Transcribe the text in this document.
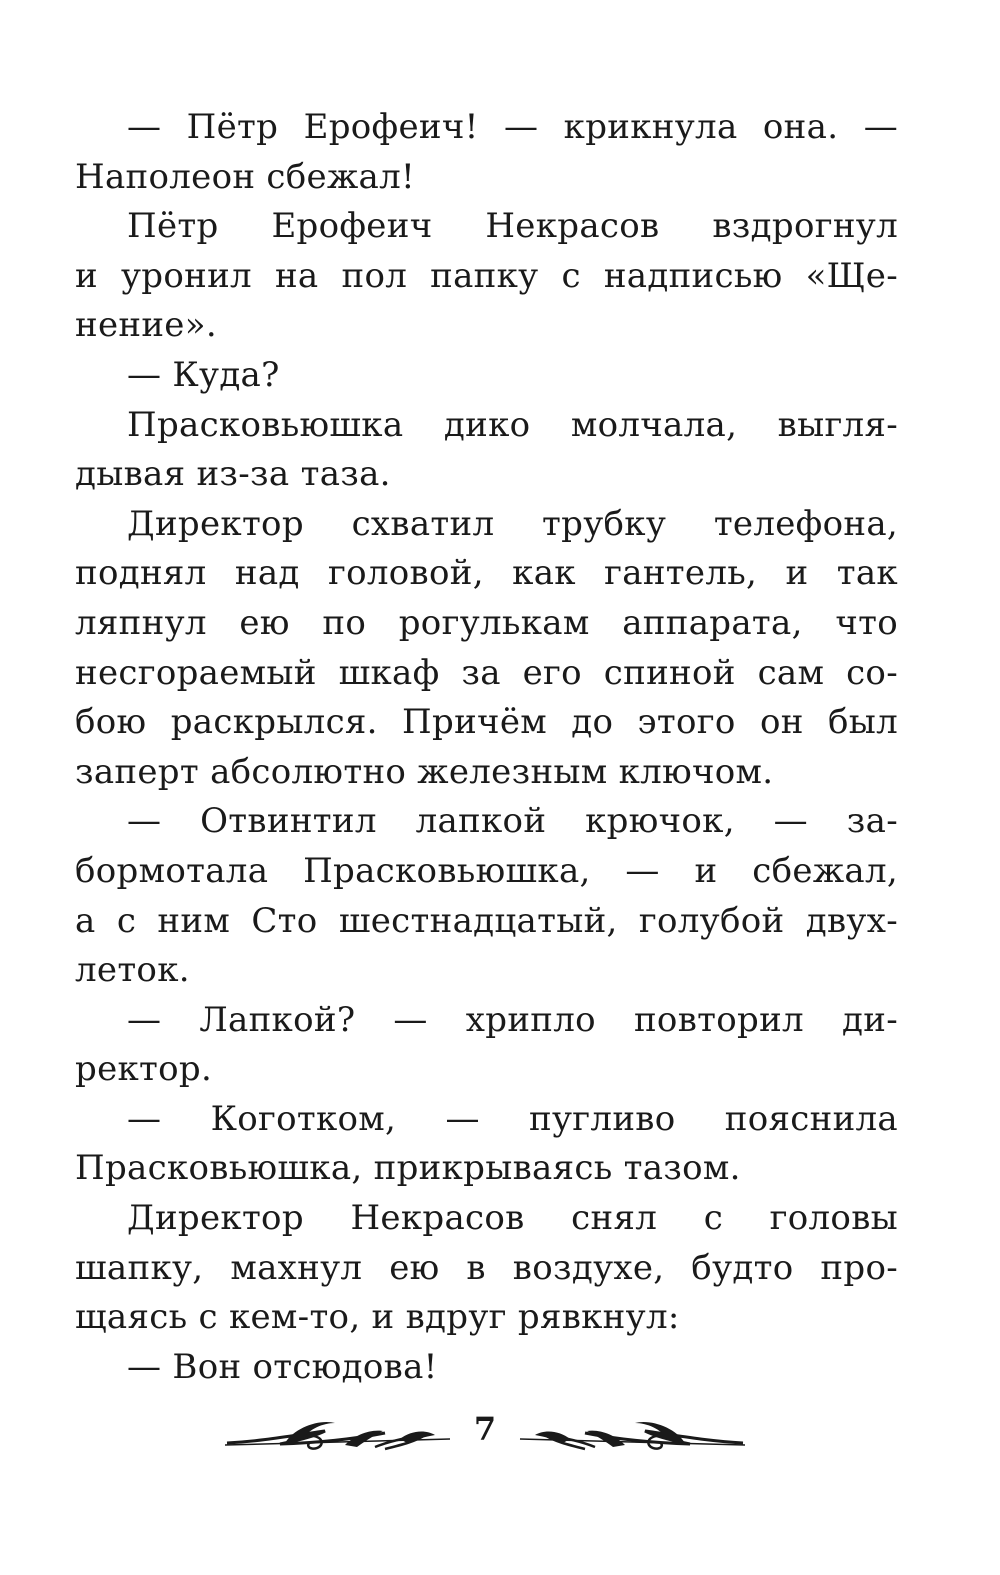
— Пётр Ерофеич! — крикнула она. —
Наполеон сбежал!
Пётр Ерофеич Некрасов вздрогнул
и уронил на пол папку с надписью «Ще-
нение».
— Куда?
Прасковьюшка дико молчала, выгля-
дывая из-за таза.
Директор схватил трубку телефона,
поднял над головой, как гантель, и так
ляпнул ею по рогулькам аппарата, что
несгораемый шкаф за его спиной сам со-
бою раскрылся. Причём до этого он был
заперт абсолютно железным ключом.
— Отвинтил лапкой крючок, — за-
бормотала Прасковьюшка, — и сбежал,
а с ним Сто шестнадцатый, голубой двух-
леток.
— Лапкой? — хрипло повторил ди-
ректор.
— Коготком, — пугливо пояснила
Прасковьюшка, прикрываясь тазом.
Директор Некрасов снял с головы
шапку, махнул ею в воздухе, будто про-
щаясь с кем-то, и вдруг рявкнул:
— Вон отсюдова!
7
